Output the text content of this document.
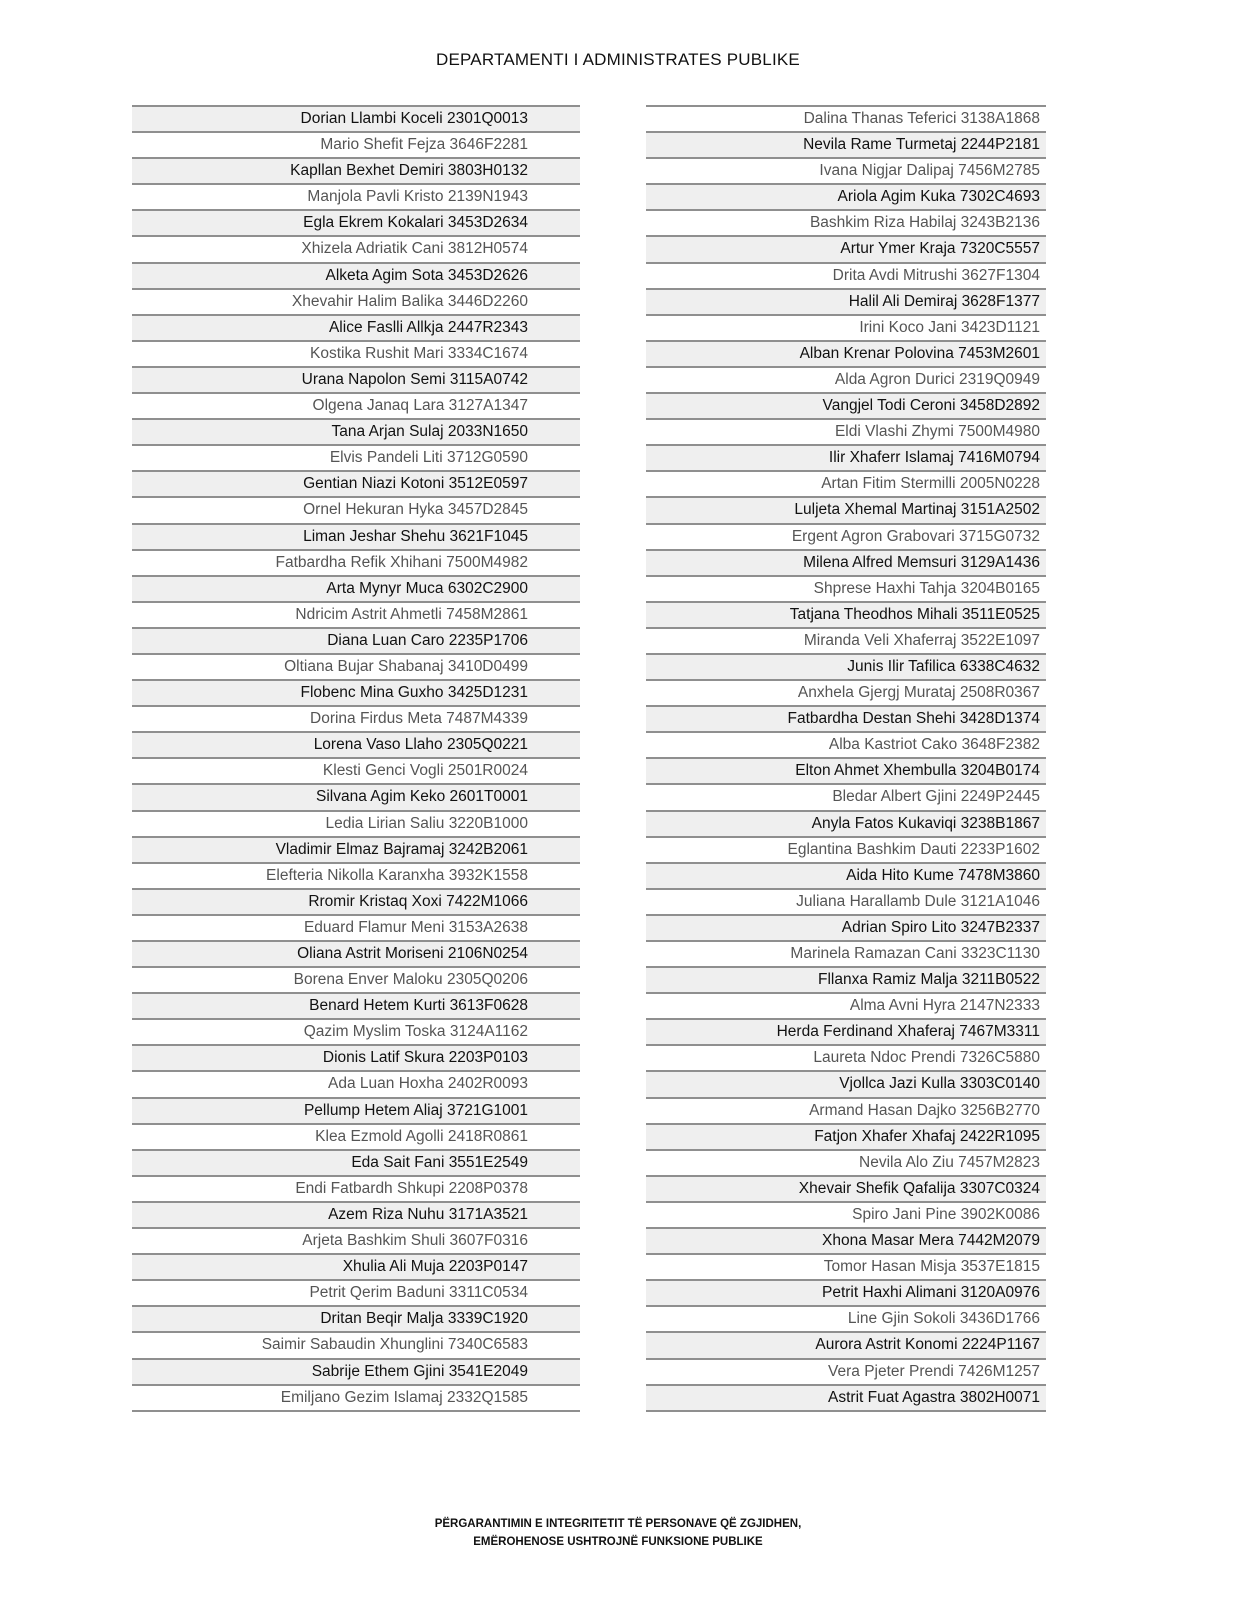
DEPARTAMENTI I ADMINISTRATES PUBLIKE
Dorian Llambi Koceli 2301Q0013
Mario Shefit Fejza 3646F2281
Kapllan Bexhet Demiri 3803H0132
Manjola Pavli Kristo 2139N1943
Egla Ekrem Kokalari 3453D2634
Xhizela Adriatik Cani 3812H0574
Alketa Agim Sota 3453D2626
Xhevahir Halim Balika 3446D2260
Alice Faslli Allkja 2447R2343
Kostika Rushit Mari 3334C1674
Urana Napolon Semi 3115A0742
Olgena Janaq Lara 3127A1347
Tana Arjan Sulaj 2033N1650
Elvis Pandeli Liti 3712G0590
Gentian Niazi Kotoni 3512E0597
Ornel Hekuran Hyka 3457D2845
Liman Jeshar Shehu 3621F1045
Fatbardha Refik Xhihani 7500M4982
Arta Mynyr Muca 6302C2900
Ndricim Astrit Ahmetli 7458M2861
Diana Luan Caro 2235P1706
Oltiana Bujar Shabanaj 3410D0499
Flobenc Mina Guxho 3425D1231
Dorina Firdus Meta 7487M4339
Lorena Vaso Llaho 2305Q0221
Klesti Genci Vogli 2501R0024
Silvana Agim Keko 2601T0001
Ledia Lirian Saliu 3220B1000
Vladimir Elmaz Bajramaj 3242B2061
Elefteria Nikolla Karanxha 3932K1558
Rromir Kristaq Xoxi 7422M1066
Eduard Flamur Meni 3153A2638
Oliana Astrit Moriseni 2106N0254
Borena Enver Maloku 2305Q0206
Benard Hetem Kurti 3613F0628
Qazim Myslim Toska 3124A1162
Dionis Latif Skura 2203P0103
Ada Luan Hoxha 2402R0093
Pellump Hetem Aliaj 3721G1001
Klea Ezmold Agolli 2418R0861
Eda Sait Fani 3551E2549
Endi Fatbardh Shkupi 2208P0378
Azem Riza Nuhu 3171A3521
Arjeta Bashkim Shuli 3607F0316
Xhulia Ali Muja 2203P0147
Petrit Qerim Baduni 3311C0534
Dritan Beqir Malja 3339C1920
Saimir Sabaudin Xhunglini 7340C6583
Sabrije Ethem Gjini 3541E2049
Emiljano Gezim Islamaj 2332Q1585
Dalina Thanas Teferici 3138A1868
Nevila Rame Turmetaj 2244P2181
Ivana Nigjar Dalipaj 7456M2785
Ariola Agim Kuka 7302C4693
Bashkim Riza Habilaj 3243B2136
Artur Ymer Kraja 7320C5557
Drita Avdi Mitrushi 3627F1304
Halil Ali Demiraj 3628F1377
Irini Koco Jani 3423D1121
Alban Krenar Polovina 7453M2601
Alda Agron Durici 2319Q0949
Vangjel Todi Ceroni 3458D2892
Eldi Vlashi Zhymi 7500M4980
Ilir Xhaferr Islamaj 7416M0794
Artan Fitim Stermilli 2005N0228
Luljeta Xhemal Martinaj 3151A2502
Ergent Agron Grabovari 3715G0732
Milena Alfred Memsuri 3129A1436
Shprese Haxhi Tahja 3204B0165
Tatjana Theodhos Mihali 3511E0525
Miranda Veli Xhaferraj 3522E1097
Junis Ilir Tafilica 6338C4632
Anxhela Gjergj Murataj 2508R0367
Fatbardha Destan Shehi 3428D1374
Alba Kastriot Cako 3648F2382
Elton Ahmet Xhembulla 3204B0174
Bledar Albert Gjini 2249P2445
Anyla Fatos Kukaviqi 3238B1867
Eglantina Bashkim Dauti 2233P1602
Aida Hito Kume 7478M3860
Juliana Harallamb Dule 3121A1046
Adrian Spiro Lito 3247B2337
Marinela Ramazan Cani 3323C1130
Fllanxa Ramiz Malja 3211B0522
Alma Avni Hyra 2147N2333
Herda Ferdinand Xhaferaj 7467M3311
Laureta Ndoc Prendi 7326C5880
Vjollca Jazi Kulla 3303C0140
Armand Hasan Dajko 3256B2770
Fatjon Xhafer Xhafaj 2422R1095
Nevila Alo Ziu 7457M2823
Xhevair Shefik Qafalija 3307C0324
Spiro Jani Pine 3902K0086
Xhona Masar Mera 7442M2079
Tomor Hasan Misja 3537E1815
Petrit Haxhi Alimani 3120A0976
Line Gjin Sokoli 3436D1766
Aurora Astrit Konomi 2224P1167
Vera Pjeter Prendi 7426M1257
Astrit Fuat Agastra 3802H0071
PËRGARANTIMIN E INTEGRITETIT TË PERSONAVE QË ZGJIDHEN,
EMËROHENOSE USHTROJNË FUNKSIONE PUBLIKE
